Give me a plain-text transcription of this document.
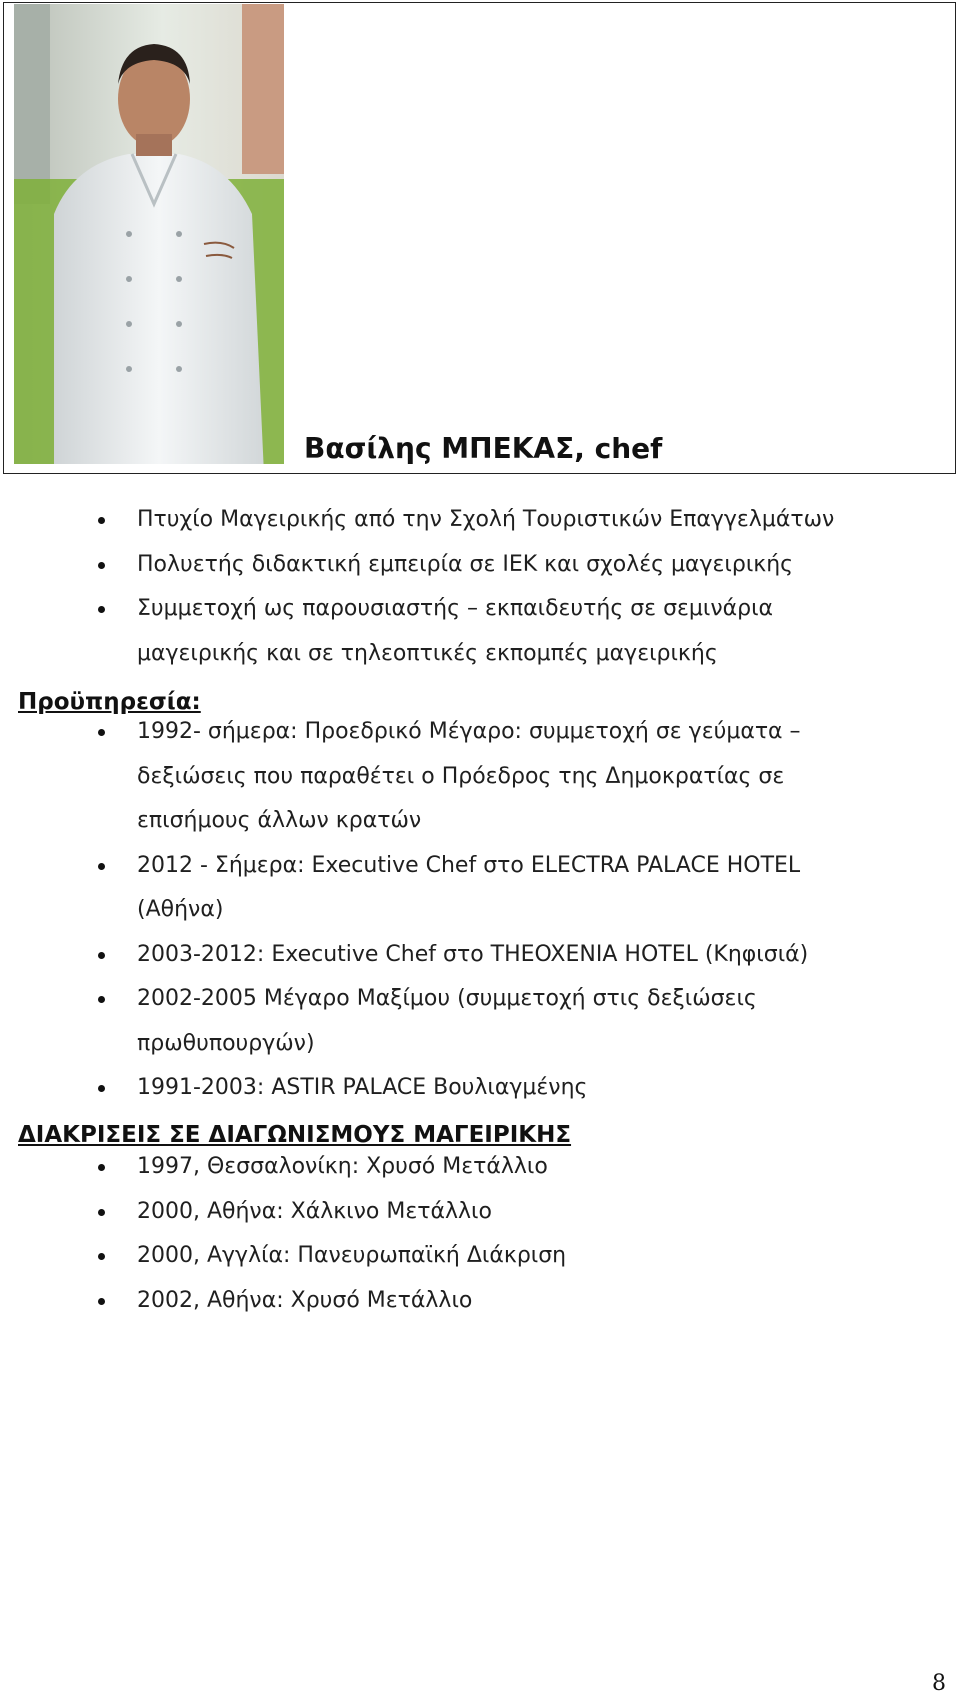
Βασίλης ΜΠΕΚΑΣ, chef
Πτυχίο Μαγειρικής από την Σχολή Τουριστικών Επαγγελμάτων
Πολυετής διδακτική εμπειρία σε ΙΕΚ και σχολές μαγειρικής
Συμμετοχή ως παρουσιαστής – εκπαιδευτής σε σεμινάρια μαγειρικής και σε τηλεοπτικές εκπομπές μαγειρικής
Προϋπηρεσία:
1992- σήμερα: Προεδρικό Μέγαρο: συμμετοχή σε γεύματα – δεξιώσεις που παραθέτει ο Πρόεδρος της Δημοκρατίας σε επισήμους άλλων κρατών
2012 - Σήμερα: Executive Chef στο ELECTRA PALACE HOTEL (Αθήνα)
2003-2012: Executive Chef στο THEOXENIA HOTEL (Κηφισιά)
2002-2005 Μέγαρο Μαξίμου (συμμετοχή στις δεξιώσεις πρωθυπουργών)
1991-2003: ASTIR PALACE Βουλιαγμένης
ΔΙΑΚΡΙΣΕΙΣ ΣΕ ΔΙΑΓΩΝΙΣΜΟΥΣ ΜΑΓΕΙΡΙΚΗΣ
1997, Θεσσαλονίκη: Χρυσό Μετάλλιο
2000, Αθήνα: Χάλκινο Μετάλλιο
2000, Αγγλία: Πανευρωπαϊκή Διάκριση
2002, Αθήνα: Χρυσό Μετάλλιο
8
